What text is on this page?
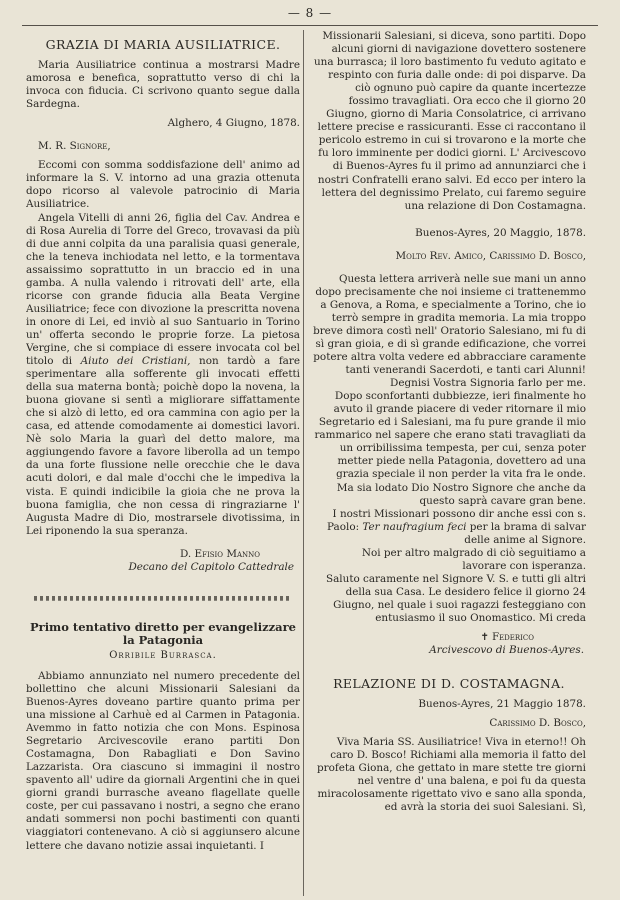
— 8 —

GRAZIA DI MARIA AUSILIATRICE.

Maria Ausiliatrice continua a mostrarsi Madre amorosa e benefica, soprattutto verso di chi la invoca con fiducia. Ci scrivono quanto segue dalla Sardegna.

Alghero, 4 Giugno, 1878.

M. R. Signore,

Eccomi con somma soddisfazione dell' animo ad informare la S. V. intorno ad una grazia ottenuta dopo ricorso al valevole patrocinio di Maria Ausiliatrice.

Angela Vitelli di anni 26, figlia del Cav. Andrea e di Rosa Aurelia di Torre del Greco, trovavasi da più di due anni colpita da una paralisia quasi generale, che la teneva inchiodata nel letto, e la tormentava assaissimo soprattutto in un braccio ed in una gamba. A nulla valendo i ritrovati dell' arte, ella ricorse con grande fiducia alla Beata Vergine Ausiliatrice; fece con divozione la prescritta novena in onore di Lei, ed inviò al suo Santuario in Torino un' offerta secondo le proprie forze. La pietosa Vergine, che si compiace di essere invocata col bel titolo di Aiuto dei Cristiani, non tardò a fare sperimentare alla sofferente gli invocati effetti della sua materna bontà; poichè dopo la novena, la buona giovane si sentì a migliorare siffattamente che si alzò di letto, ed ora cammina con agio per la casa, ed attende comodamente ai domestici lavori. Nè solo Maria la guarì del detto malore, ma aggiungendo favore a favore liberolla ad un tempo da una forte flussione nelle orecchie che le dava acuti dolori, e dal male d'occhi che le impediva la vista. E quindi indicibile la gioia che ne prova la buona famiglia, che non cessa di ringraziarne l' Augusta Madre di Dio, mostrarsele divotissima, in Lei riponendo la sua speranza.

D. Efisio Manno

Decano del Capitolo Cattedrale

Primo tentativo diretto per evangelizzare la Patagonia

Orribile Burrasca.

Abbiamo annunziato nel numero precedente del bollettino che alcuni Missionarii Salesiani da Buenos-Ayres doveano partire quanto prima per una missione al Carhuè ed al Carmen in Patagonia. Avemmo in fatto notizia che con Mons. Espinosa Segretario Arcivescovile erano partiti Don Costamagna, Don Rabagliati e Don Savino Lazzarista. Ora ciascuno si immagini il nostro spavento all' udire da giornali Argentini che in quei giorni grandi burrasche aveano flagellate quelle coste, per cui passavano i nostri, a segno che erano andati sommersi non pochi bastimenti con quanti viaggiatori contenevano. A ciò si aggiunsero alcune lettere che davano notizie assai inquietanti. I

Missionarii Salesiani, si diceva, sono partiti. Dopo alcuni giorni di navigazione dovettero sostenere una burrasca; il loro bastimento fu veduto agitato e respinto con furia dalle onde: di poi disparve. Da ciò ognuno può capire da quante incertezze fossimo travagliati. Ora ecco che il giorno 20 Giugno, giorno di Maria Consolatrice, ci arrivano lettere precise e rassicuranti. Esse ci raccontano il pericolo estremo in cui si trovarono e la morte che fu loro imminente per dodici giorni. L' Arcivescovo di Buenos-Ayres fu il primo ad annunziarci che i nostri Confratelli erano salvi. Ed ecco per intero la lettera del degnissimo Prelato, cui faremo seguire una relazione di Don Costamagna.

Buenos-Ayres, 20 Maggio, 1878.

Molto Rev. Amico, Carissimo D. Bosco,

Questa lettera arriverà nelle sue mani un anno dopo precisamente che noi insieme ci trattenemmo a Genova, a Roma, e specialmente a Torino, che io terrò sempre in gradita memoria. La mia troppo breve dimora costì nell' Oratorio Salesiano, mi fu di sì gran gioia, e di sì grande edificazione, che vorrei potere altra volta vedere ed abbracciare caramente tanti venerandi Sacerdoti, e tanti cari Alunni! Degnisi Vostra Signoria farlo per me.

Dopo sconfortanti dubbiezze, ieri finalmente ho avuto il grande piacere di veder ritornare il mio Segretario ed i Salesiani, ma fu pure grande il mio rammarico nel sapere che erano stati travagliati da un orribilissima tempesta, per cui, senza poter metter piede nella Patagonia, dovettero ad una grazia speciale il non perder la vita fra le onde.

Ma sia lodato Dio Nostro Signore che anche da questo saprà cavare gran bene.

I nostri Missionari possono dir anche essi con s. Paolo: Ter naufragium feci per la brama di salvar delle anime al Signore.

Noi per altro malgrado di ciò seguitiamo a lavorare con isperanza.

Saluto caramente nel Signore V. S. e tutti gli altri della sua Casa. Le desidero felice il giorno 24 Giugno, nel quale i suoi ragazzi festeggiano con entusiasmo il suo Onomastico. Mi creda

✝ Federico

Arcivescovo di Buenos-Ayres.

RELAZIONE DI D. COSTAMAGNA.

Buenos-Ayres, 21 Maggio 1878.

Carissimo D. Bosco,

Viva Maria SS. Ausiliatrice! Viva in eterno!! Oh caro D. Bosco! Richiami alla memoria il fatto del profeta Giona, che gettato in mare stette tre giorni nel ventre d' una balena, e poi fu da questa miracolosamente rigettato vivo e sano alla sponda, ed avrà la storia dei suoi Salesiani. Sì,
